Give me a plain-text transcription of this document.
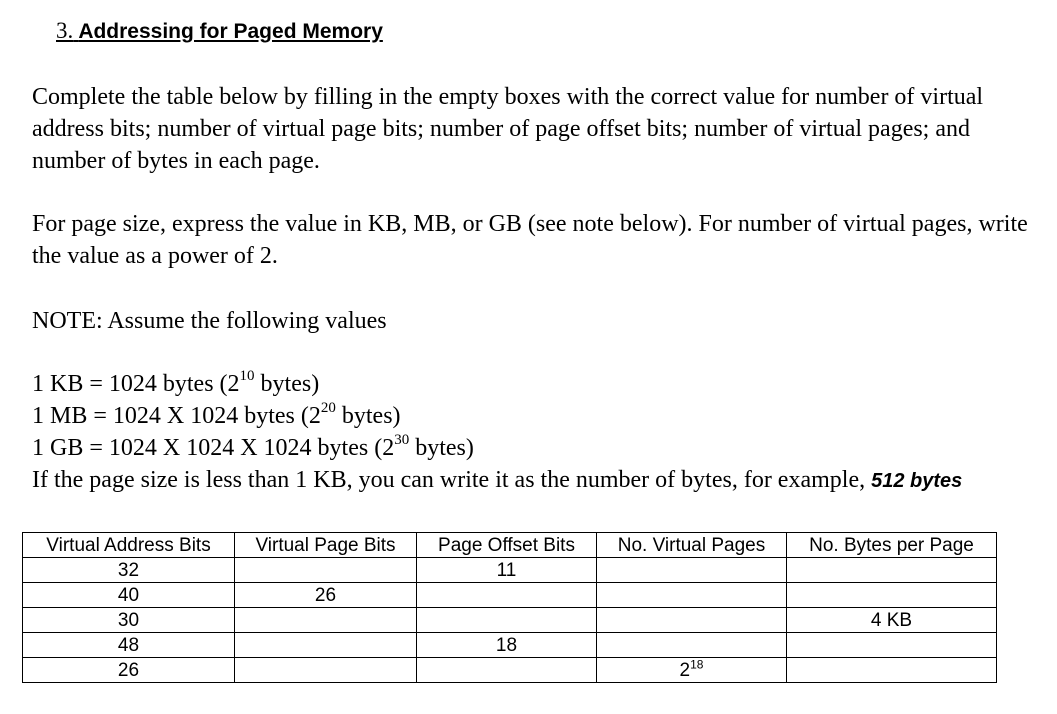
3. Addressing for Paged Memory
Complete the table below by filling in the empty boxes with the correct value for number of virtual address bits; number of virtual page bits; number of page offset bits; number of virtual pages; and number of bytes in each page.
For page size, express the value in KB, MB, or GB (see note below). For number of virtual pages, write the value as a power of 2.
NOTE: Assume the following values
1 KB = 1024 bytes ($2^{10}$ bytes)
1 MB = 1024 X 1024 bytes ($2^{20}$ bytes)
1 GB = 1024 X 1024 X 1024 bytes ($2^{30}$ bytes)
If the page size is less than 1 KB, you can write it as the number of bytes, for example, 512 bytes
Virtual Address Bits	Virtual Page Bits	Page Offset Bits	No. Virtual Pages	No. Bytes per Page
32		11		
40	26			
30				4 KB
48		18		
26			$2^{18}$	
